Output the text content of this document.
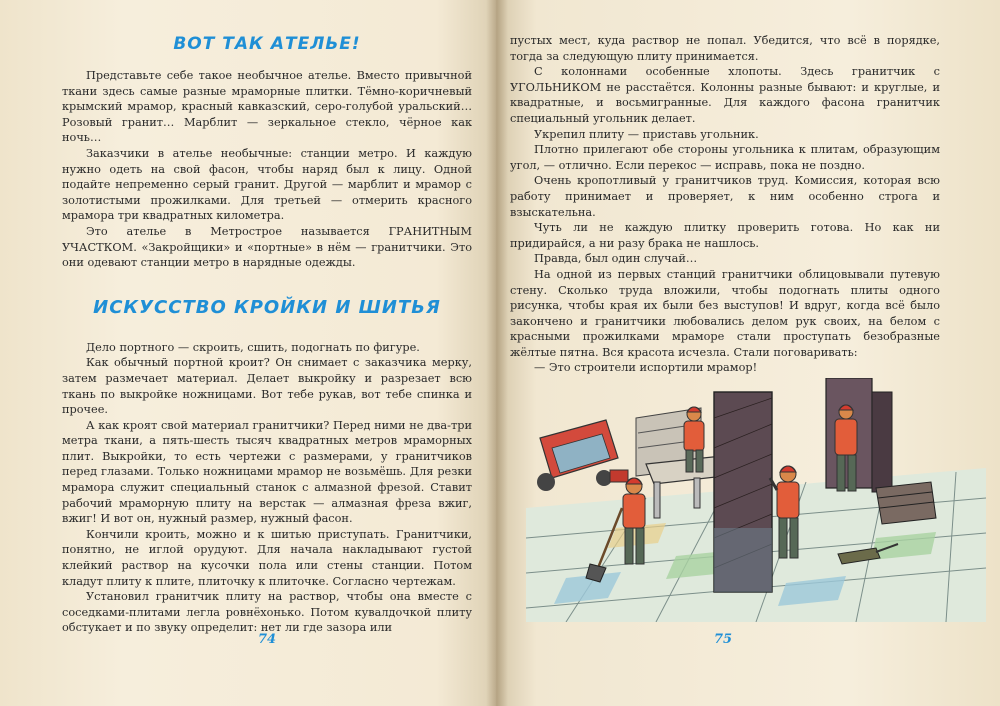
ВОТ ТАК АТЕЛЬЕ!

Представьте себе такое необычное ателье. Вместо привычной ткани здесь самые разные мраморные плитки. Тёмно-коричневый крымский мрамор, красный кавказский, серо-голубой уральский… Розовый гранит… Марблит — зеркальное стекло, чёрное как ночь…

Заказчики в ателье необычные: станции метро. И каждую нужно одеть на свой фасон, чтобы наряд был к лицу. Одной подайте непременно серый гранит. Другой — марблит и мрамор с золотистыми прожилками. Для третьей — отмерить красного мрамора три квадратных километра.

Это ателье в Метрострое называется ГРАНИТНЫМ УЧАСТКОМ. «Закройщики» и «портные» в нём — гранитчики. Это они одевают станции метро в нарядные одежды.

ИСКУССТВО КРОЙКИ И ШИТЬЯ

Дело портного — скроить, сшить, подогнать по фигуре.

Как обычный портной кроит? Он снимает с заказчика мерку, затем размечает материал. Делает выкройку и разрезает всю ткань по выкройке ножницами. Вот тебе рукав, вот тебе спинка и прочее.

А как кроят свой материал гранитчики? Перед ними не два-три метра ткани, а пять-шесть тысяч квадратных метров мраморных плит. Выкройки, то есть чертежи с размерами, у гранитчиков перед глазами. Только ножницами мрамор не возьмёшь. Для резки мрамора служит специальный станок с алмазной фрезой. Ставит рабочий мраморную плиту на верстак — алмазная фреза вжиг, вжиг! И вот он, нужный размер, нужный фасон.

Кончили кроить, можно и к шитью приступать. Гранитчики, понятно, не иглой орудуют. Для начала накладывают густой клейкий раствор на кусочки пола или стены станции. Потом кладут плиту к плите, плиточку к плиточке. Согласно чертежам.

Установил гранитчик плиту на раствор, чтобы она вместе с соседками-плитами легла ровнёхонько. Потом кувалдочкой плиту обстукает и по звуку определит: нет ли где зазора или

74

пустых мест, куда раствор не попал. Убедится, что всё в порядке, тогда за следующую плиту принимается.

С колоннами особенные хлопоты. Здесь гранитчик с УГОЛЬНИКОМ не расстаётся. Колонны разные бывают: и круглые, и квадратные, и восьмигранные. Для каждого фасона гранитчик специальный угольник делает.

Укрепил плиту — приставь угольник.

Плотно прилегают обе стороны угольника к плитам, образующим угол, — отлично. Если перекос — исправь, пока не поздно.

Очень кропотливый у гранитчиков труд. Комиссия, которая всю работу принимает и проверяет, к ним особенно строга и взыскательна.

Чуть ли не каждую плитку проверить готова. Но как ни придирайся, а ни разу брака не нашлось.

Правда, был один случай…

На одной из первых станций гранитчики облицовывали путевую стену. Сколько труда вложили, чтобы подогнать плиты одного рисунка, чтобы края их были без выступов! И вдруг, когда всё было закончено и гранитчики любовались делом рук своих, на белом с красными прожилками мраморе стали проступать безобразные жёлтые пятна. Вся красота исчезла. Стали поговаривать:

— Это строители испортили мрамор!

75
